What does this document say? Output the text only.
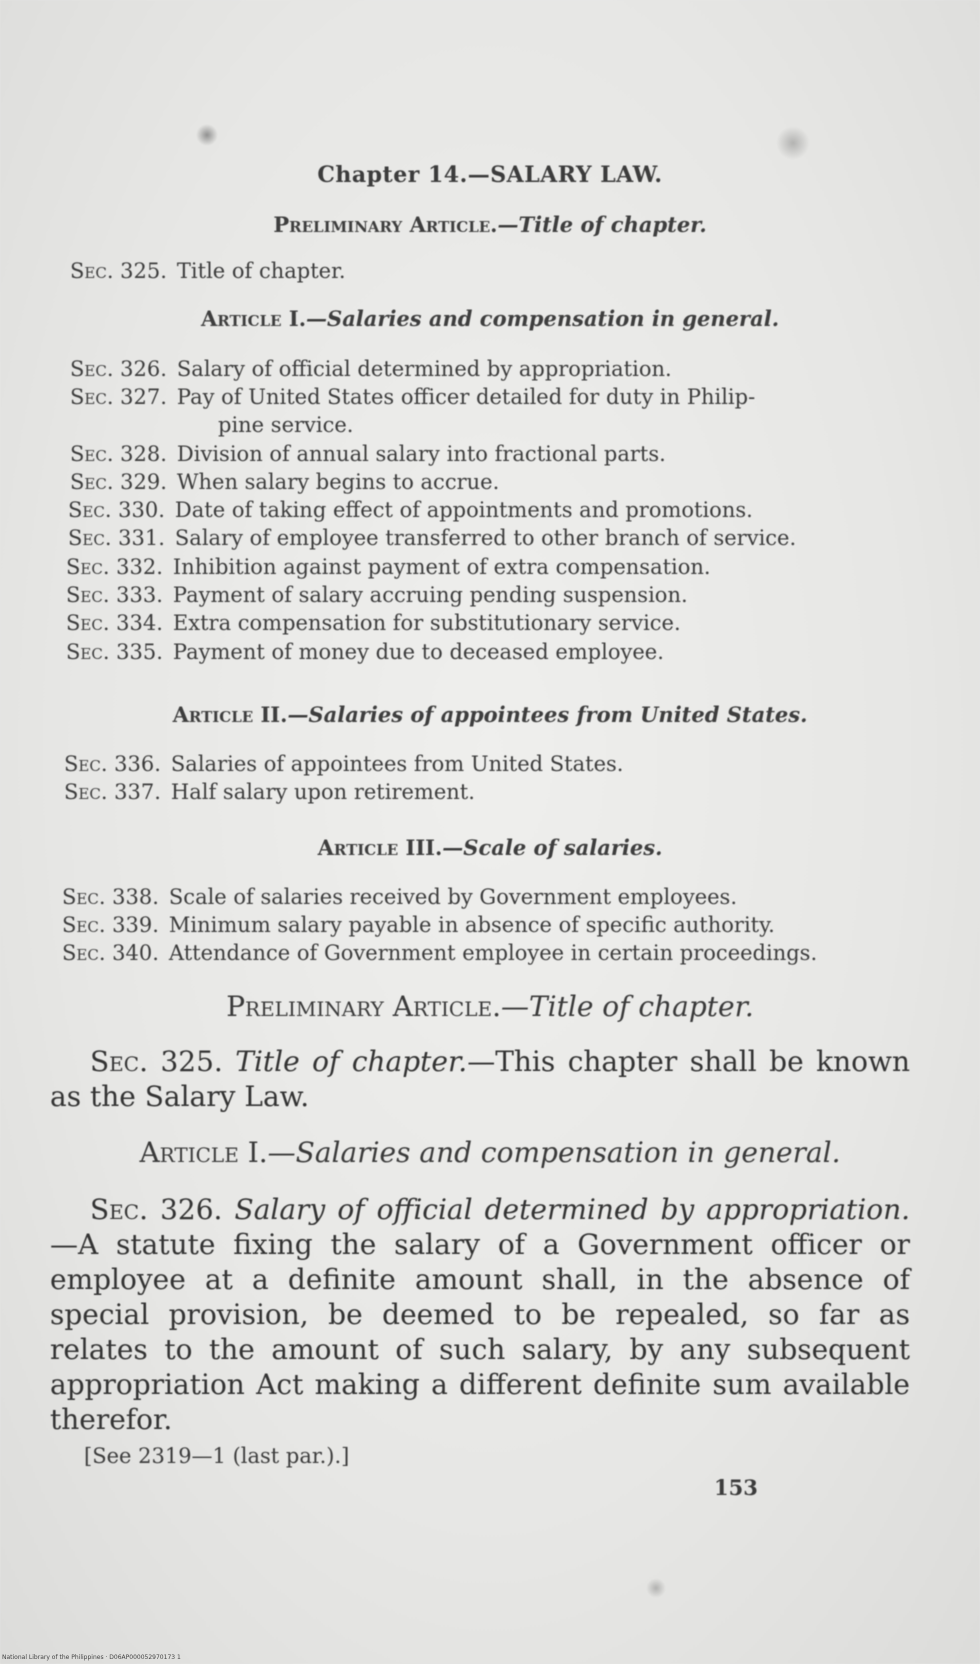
Chapter 14.—SALARY LAW.
Preliminary Article.—Title of chapter.
Sec. 325. Title of chapter.
Article I.—Salaries and compensation in general.
Sec. 326. Salary of official determined by appropriation.
Sec. 327. Pay of United States officer detailed for duty in Philip-
pine service.
Sec. 328. Division of annual salary into fractional parts.
Sec. 329. When salary begins to accrue.
Sec. 330. Date of taking effect of appointments and promotions.
Sec. 331. Salary of employee transferred to other branch of service.
Sec. 332. Inhibition against payment of extra compensation.
Sec. 333. Payment of salary accruing pending suspension.
Sec. 334. Extra compensation for substitutionary service.
Sec. 335. Payment of money due to deceased employee.
Article II.—Salaries of appointees from United States.
Sec. 336. Salaries of appointees from United States.
Sec. 337. Half salary upon retirement.
Article III.—Scale of salaries.
Sec. 338. Scale of salaries received by Government employees.
Sec. 339. Minimum salary payable in absence of specific authority.
Sec. 340. Attendance of Government employee in certain proceedings.
Preliminary Article.—Title of chapter.
Sec. 325. Title of chapter.—This chapter shall be known as the Salary Law.
Article I.—Salaries and compensation in general.
Sec. 326. Salary of official determined by appropriation.—A statute fixing the salary of a Government officer or employee at a definite amount shall, in the absence of special provision, be deemed to be repealed, so far as relates to the amount of such salary, by any subsequent appropriation Act making a different definite sum available therefor.
[See 2319—1 (last par.).]
153
National Library of the Philippines · D06AP000052970173 1
